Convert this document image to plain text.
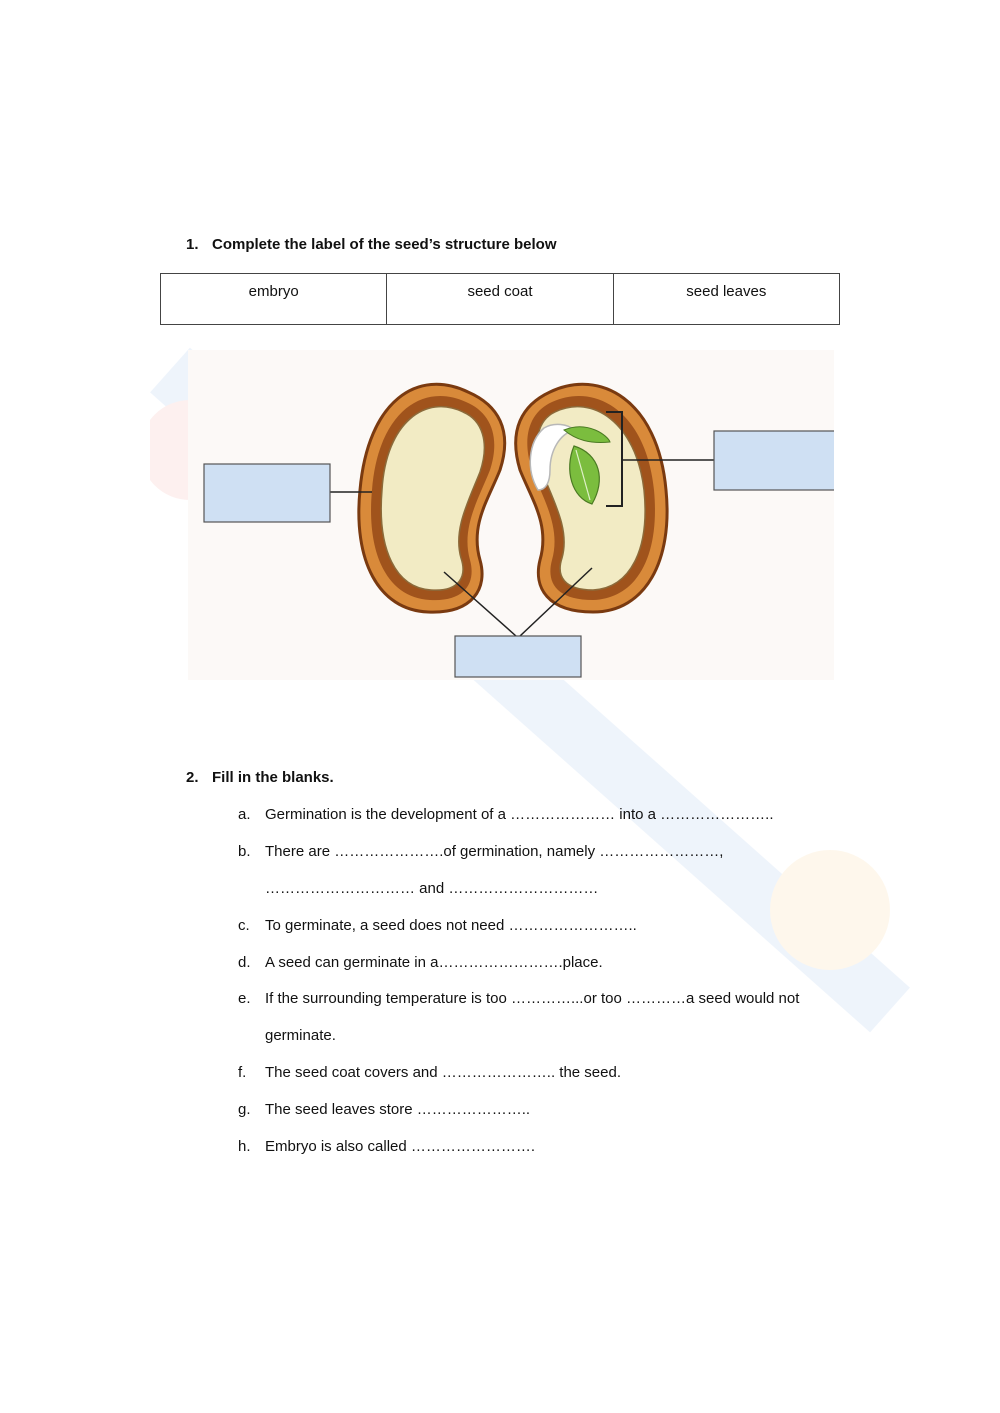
1. Complete the label of the seed’s structure below
embryo	seed coat	seed leaves
2. Fill in the blanks.
a. Germination is the development of a ………………… into a …………………..
b. There are ………………….of germination, namely ……………………,
………………………… and …………………………
c. To germinate, a seed does not need ……………………..
d. A seed can germinate in a…………………….place.
e. If the surrounding temperature is too …………...or too …………a seed would not
germinate.
f. The seed coat covers and ………………….. the seed.
g. The seed leaves store …………………..
h. Embryo is also called …………………….
